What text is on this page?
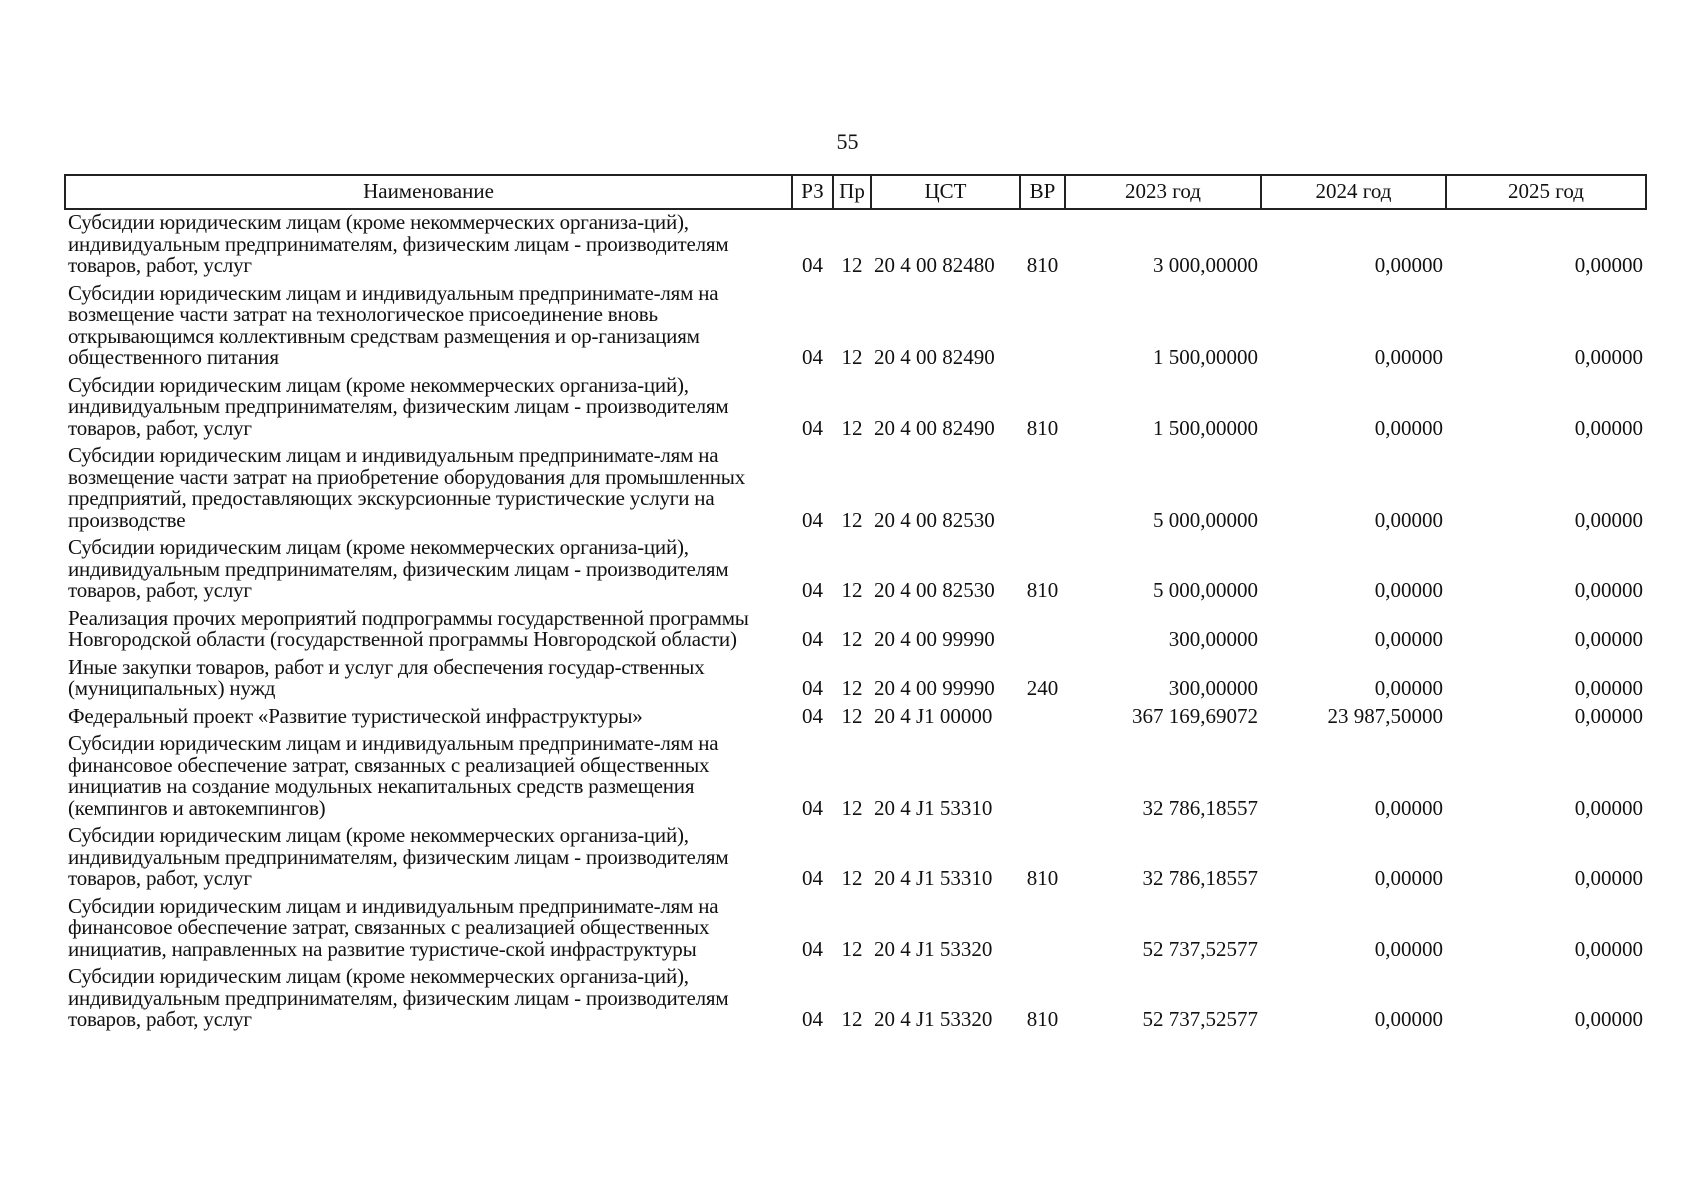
55
Наименование	РЗ	Пр	ЦСТ	ВР	2023 год	2024 год	2025 год
Субсидии юридическим лицам (кроме некоммерческих организа-ций), индивидуальным предпринимателям, физическим лицам - производителям товаров, работ, услуг	04	12	20 4 00 82480	810	3 000,00000	0,00000	0,00000
Субсидии юридическим лицам и индивидуальным предпринимате-лям на возмещение части затрат на технологическое присоединение вновь открывающимся коллективным средствам размещения и ор-ганизациям общественного питания	04	12	20 4 00 82490		1 500,00000	0,00000	0,00000
Субсидии юридическим лицам (кроме некоммерческих организа-ций), индивидуальным предпринимателям, физическим лицам - производителям товаров, работ, услуг	04	12	20 4 00 82490	810	1 500,00000	0,00000	0,00000
Субсидии юридическим лицам и индивидуальным предпринимате-лям на возмещение части затрат на приобретение оборудования для промышленных предприятий, предоставляющих экскурсионные туристические услуги на производстве	04	12	20 4 00 82530		5 000,00000	0,00000	0,00000
Субсидии юридическим лицам (кроме некоммерческих организа-ций), индивидуальным предпринимателям, физическим лицам - производителям товаров, работ, услуг	04	12	20 4 00 82530	810	5 000,00000	0,00000	0,00000
Реализация прочих мероприятий подпрограммы государственной программы Новгородской области (государственной программы Новгородской области)	04	12	20 4 00 99990		300,00000	0,00000	0,00000
Иные закупки товаров, работ и услуг для обеспечения государ-ственных (муниципальных) нужд	04	12	20 4 00 99990	240	300,00000	0,00000	0,00000
Федеральный проект «Развитие туристической инфраструктуры»	04	12	20 4 J1 00000		367 169,69072	23 987,50000	0,00000
Субсидии юридическим лицам и индивидуальным предпринимате-лям на финансовое обеспечение затрат, связанных с реализацией общественных инициатив на создание модульных некапитальных средств размещения (кемпингов и автокемпингов)	04	12	20 4 J1 53310		32 786,18557	0,00000	0,00000
Субсидии юридическим лицам (кроме некоммерческих организа-ций), индивидуальным предпринимателям, физическим лицам - производителям товаров, работ, услуг	04	12	20 4 J1 53310	810	32 786,18557	0,00000	0,00000
Субсидии юридическим лицам и индивидуальным предпринимате-лям на финансовое обеспечение затрат, связанных с реализацией общественных инициатив, направленных на развитие туристиче-ской инфраструктуры	04	12	20 4 J1 53320		52 737,52577	0,00000	0,00000
Субсидии юридическим лицам (кроме некоммерческих организа-ций), индивидуальным предпринимателям, физическим лицам - производителям товаров, работ, услуг	04	12	20 4 J1 53320	810	52 737,52577	0,00000	0,00000
